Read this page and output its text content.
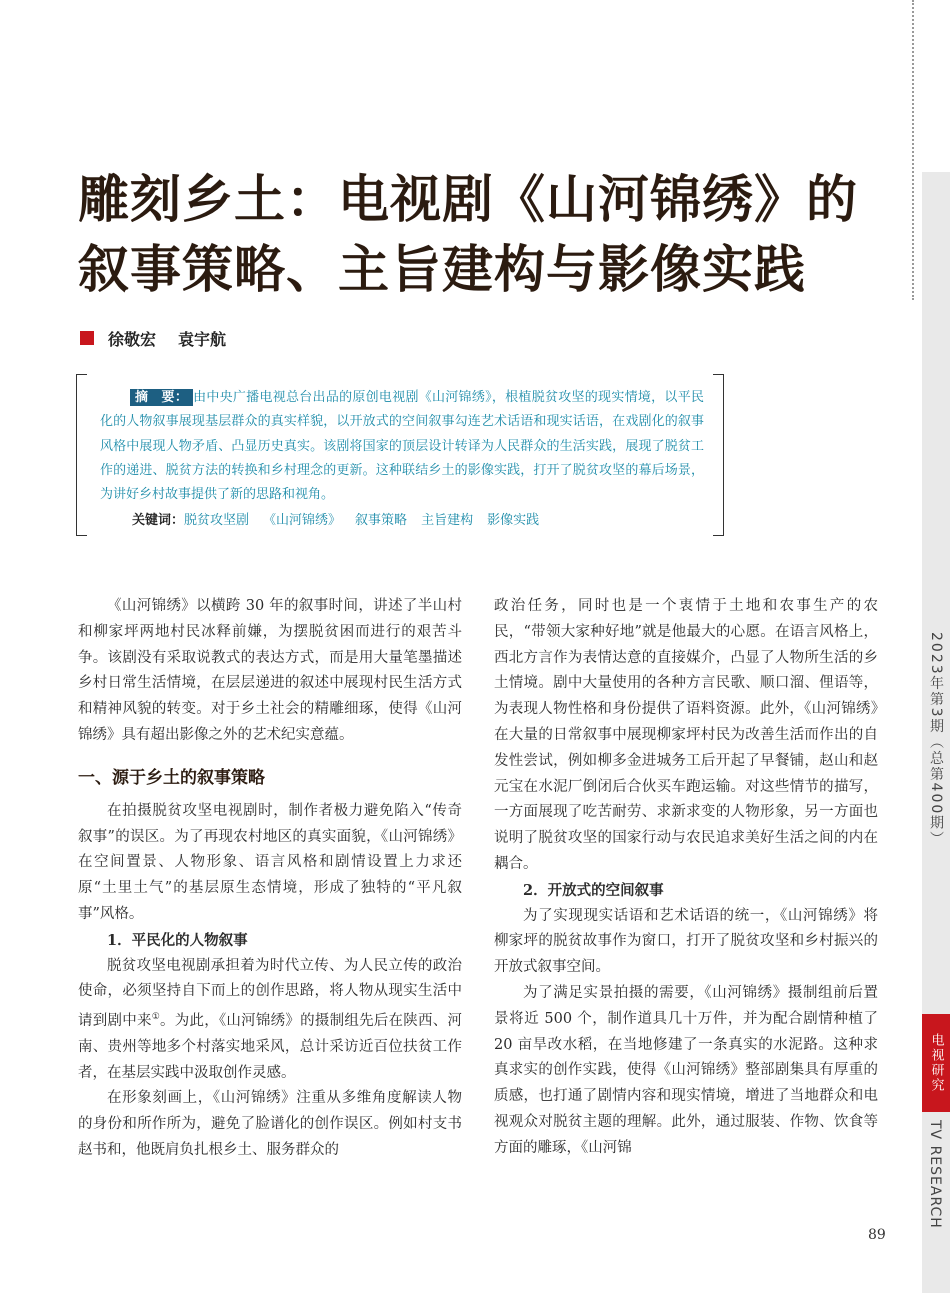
2023年第3期（总第400期）
电视研究
TV RESEARCH
雕刻乡土：电视剧《山河锦绣》的
叙事策略、主旨建构与影像实践
徐敬宏 袁宇航
摘　要： 由中央广播电视总台出品的原创电视剧《山河锦绣》，根植脱贫攻坚的现实情境，以平民化的人物叙事展现基层群众的真实样貌，以开放式的空间叙事勾连艺术话语和现实话语，在戏剧化的叙事风格中展现人物矛盾、凸显历史真实。该剧将国家的顶层设计转译为人民群众的生活实践，展现了脱贫工作的递进、脱贫方法的转换和乡村理念的更新。这种联结乡土的影像实践，打开了脱贫攻坚的幕后场景，为讲好乡村故事提供了新的思路和视角。
关键词：脱贫攻坚剧 《山河锦绣》 叙事策略 主旨建构 影像实践

《山河锦绣》以横跨 30 年的叙事时间，讲述了半山村和柳家坪两地村民冰释前嫌，为摆脱贫困而进行的艰苦斗争。该剧没有采取说教式的表达方式，而是用大量笔墨描述乡村日常生活情境，在层层递进的叙述中展现村民生活方式和精神风貌的转变。对于乡土社会的精雕细琢，使得《山河锦绣》具有超出影像之外的艺术纪实意蕴。

一、源于乡土的叙事策略

在拍摄脱贫攻坚电视剧时，制作者极力避免陷入“传奇叙事”的误区。为了再现农村地区的真实面貌，《山河锦绣》在空间置景、人物形象、语言风格和剧情设置上力求还原“土里土气”的基层原生态情境，形成了独特的“平凡叙事”风格。

1．平民化的人物叙事

脱贫攻坚电视剧承担着为时代立传、为人民立传的政治使命，必须坚持自下而上的创作思路，将人物从现实生活中请到剧中来①。为此，《山河锦绣》的摄制组先后在陕西、河南、贵州等地多个村落实地采风，总计采访近百位扶贫工作者，在基层实践中汲取创作灵感。

在形象刻画上，《山河锦绣》注重从多维角度解读人物的身份和所作所为，避免了脸谱化的创作误区。例如村支书赵书和，他既肩负扎根乡土、服务群众的

政治任务，同时也是一个衷情于土地和农事生产的农民，“带领大家种好地”就是他最大的心愿。在语言风格上，西北方言作为表情达意的直接媒介，凸显了人物所生活的乡土情境。剧中大量使用的各种方言民歌、顺口溜、俚语等，为表现人物性格和身份提供了语料资源。此外，《山河锦绣》在大量的日常叙事中展现柳家坪村民为改善生活而作出的自发性尝试，例如柳多金进城务工后开起了早餐铺，赵山和赵元宝在水泥厂倒闭后合伙买车跑运输。对这些情节的描写，一方面展现了吃苦耐劳、求新求变的人物形象，另一方面也说明了脱贫攻坚的国家行动与农民追求美好生活之间的内在耦合。

2．开放式的空间叙事

为了实现现实话语和艺术话语的统一，《山河锦绣》将柳家坪的脱贫故事作为窗口，打开了脱贫攻坚和乡村振兴的开放式叙事空间。

为了满足实景拍摄的需要，《山河锦绣》摄制组前后置景将近 500 个，制作道具几十万件，并为配合剧情种植了 20 亩旱改水稻，在当地修建了一条真实的水泥路。这种求真求实的创作实践，使得《山河锦绣》整部剧集具有厚重的质感，也打通了剧情内容和现实情境，增进了当地群众和电视观众对脱贫主题的理解。此外，通过服装、作物、饮食等方面的雕琢，《山河锦

89
